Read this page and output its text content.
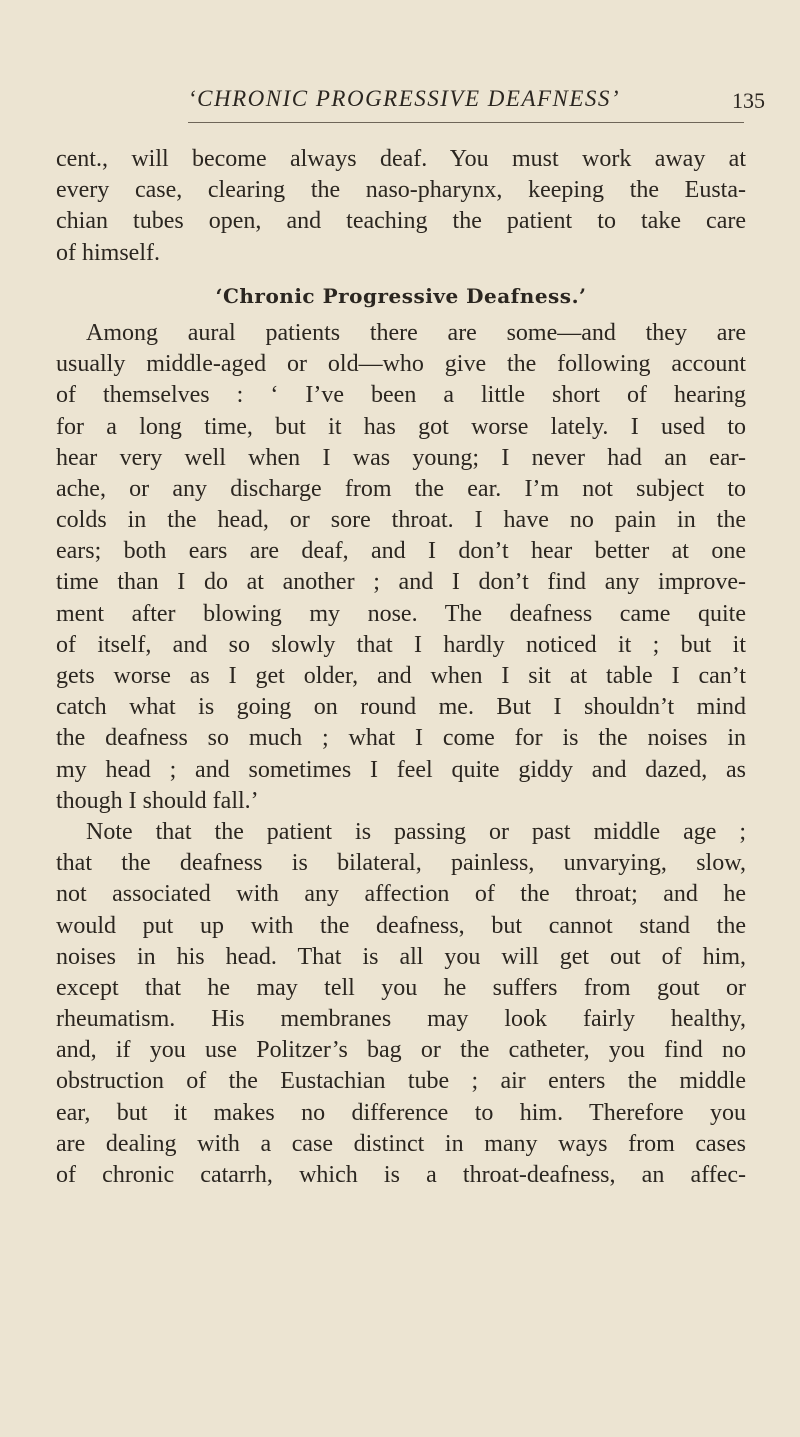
‘CHRONIC PROGRESSIVE DEAFNESS’	135
cent., will become always deaf. You must work away at
every case, clearing the naso-pharynx, keeping the Eusta-
chian tubes open, and teaching the patient to take care
of himself.
‘Chronic Progressive Deafness.’
Among aural patients there are some—and they are
usually middle-aged or old—who give the following account
of themselves : ‘ I’ve been a little short of hearing
for a long time, but it has got worse lately. I used to
hear very well when I was young; I never had an ear-
ache, or any discharge from the ear. I’m not subject to
colds in the head, or sore throat. I have no pain in the
ears; both ears are deaf, and I don’t hear better at one
time than I do at another ; and I don’t find any improve-
ment after blowing my nose. The deafness came quite
of itself, and so slowly that I hardly noticed it ; but it
gets worse as I get older, and when I sit at table I can’t
catch what is going on round me. But I shouldn’t mind
the deafness so much ; what I come for is the noises in
my head ; and sometimes I feel quite giddy and dazed, as
though I should fall.’
Note that the patient is passing or past middle age ;
that the deafness is bilateral, painless, unvarying, slow,
not associated with any affection of the throat; and he
would put up with the deafness, but cannot stand the
noises in his head. That is all you will get out of him,
except that he may tell you he suffers from gout or
rheumatism. His membranes may look fairly healthy,
and, if you use Politzer’s bag or the catheter, you find no
obstruction of the Eustachian tube ; air enters the middle
ear, but it makes no difference to him. Therefore you
are dealing with a case distinct in many ways from cases
of chronic catarrh, which is a throat-deafness, an affec-
